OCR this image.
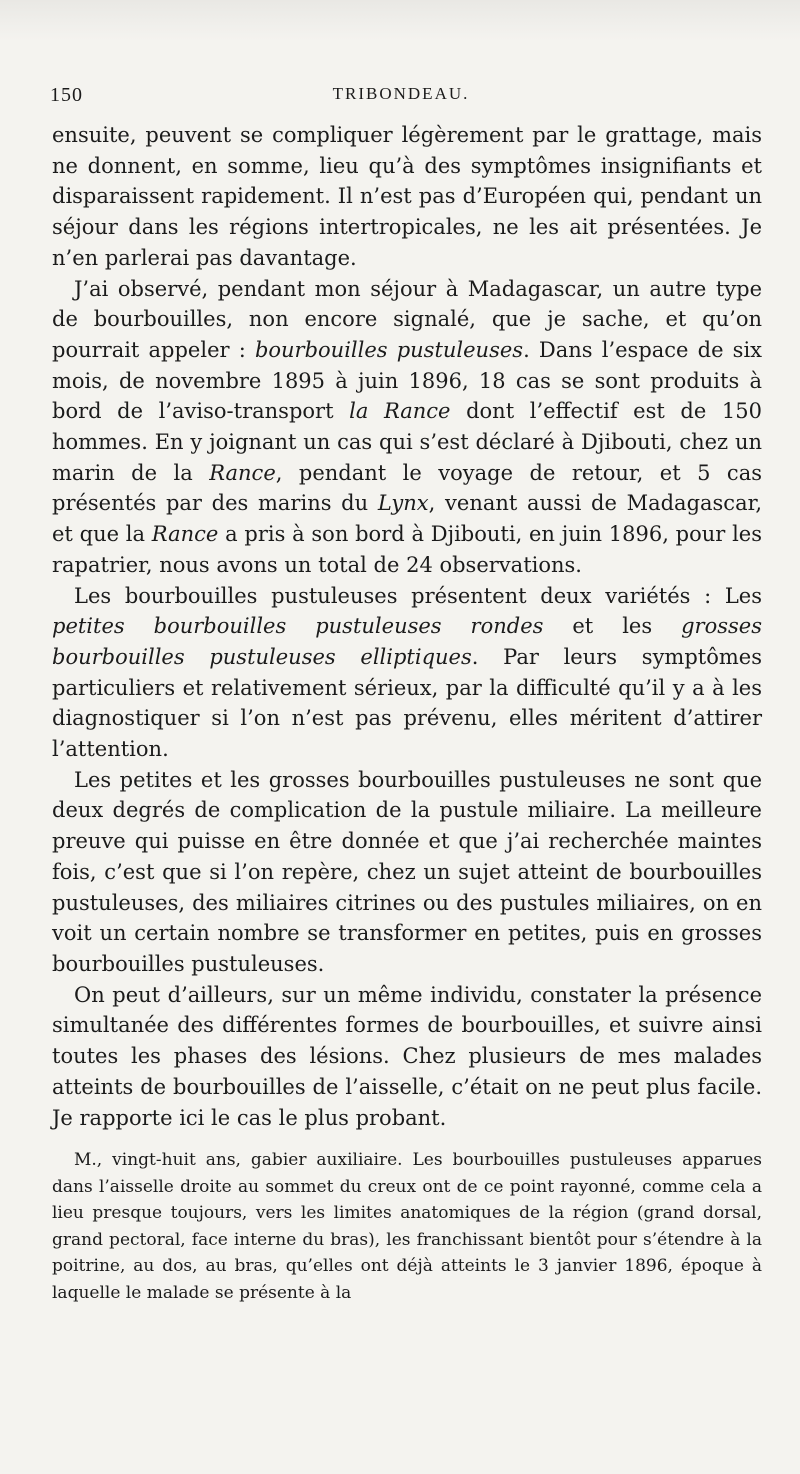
150	TRIBONDEAU.

ensuite, peuvent se compliquer légèrement par le grattage, mais ne donnent, en somme, lieu qu’à des symptômes insignifiants et disparaissent rapidement. Il n’est pas d’Européen qui, pendant un séjour dans les régions intertropicales, ne les ait présentées. Je n’en parlerai pas davantage.

J’ai observé, pendant mon séjour à Madagascar, un autre type de bourbouilles, non encore signalé, que je sache, et qu’on pourrait appeler : bourbouilles pustuleuses. Dans l’espace de six mois, de novembre 1895 à juin 1896, 18 cas se sont produits à bord de l’aviso-transport la Rance dont l’effectif est de 150 hommes. En y joignant un cas qui s’est déclaré à Djibouti, chez un marin de la Rance, pendant le voyage de retour, et 5 cas présentés par des marins du Lynx, venant aussi de Madagascar, et que la Rance a pris à son bord à Djibouti, en juin 1896, pour les rapatrier, nous avons un total de 24 observations.

Les bourbouilles pustuleuses présentent deux variétés : Les petites bourbouilles pustuleuses rondes et les grosses bourbouilles pustuleuses elliptiques. Par leurs symptômes particuliers et relativement sérieux, par la difficulté qu’il y a à les diagnostiquer si l’on n’est pas prévenu, elles méritent d’attirer l’attention.

Les petites et les grosses bourbouilles pustuleuses ne sont que deux degrés de complication de la pustule miliaire. La meilleure preuve qui puisse en être donnée et que j’ai recherchée maintes fois, c’est que si l’on repère, chez un sujet atteint de bourbouilles pustuleuses, des miliaires citrines ou des pustules miliaires, on en voit un certain nombre se transformer en petites, puis en grosses bourbouilles pustuleuses.

On peut d’ailleurs, sur un même individu, constater la présence simultanée des différentes formes de bourbouilles, et suivre ainsi toutes les phases des lésions. Chez plusieurs de mes malades atteints de bourbouilles de l’aisselle, c’était on ne peut plus facile. Je rapporte ici le cas le plus probant.

M., vingt-huit ans, gabier auxiliaire. Les bourbouilles pustuleuses apparues dans l’aisselle droite au sommet du creux ont de ce point rayonné, comme cela a lieu presque toujours, vers les limites anatomiques de la région (grand dorsal, grand pectoral, face interne du bras), les franchissant bientôt pour s’étendre à la poitrine, au dos, au bras, qu’elles ont déjà atteints le 3 janvier 1896, époque à laquelle le malade se présente à la
